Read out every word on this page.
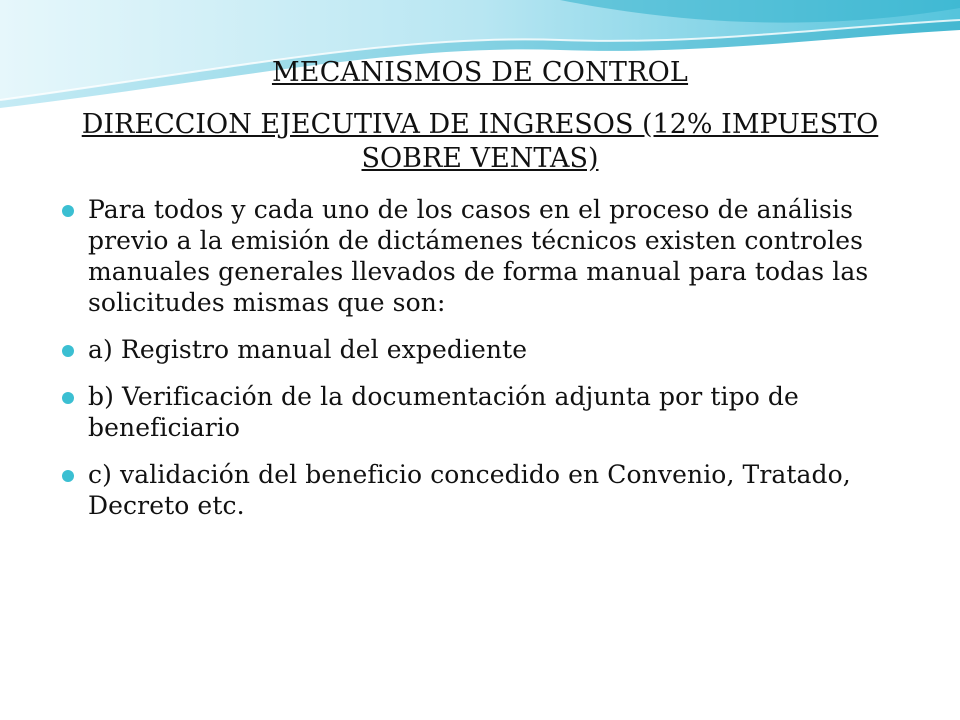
MECANISMOS DE CONTROL
DIRECCION EJECUTIVA DE INGRESOS (12% IMPUESTO SOBRE VENTAS)
Para todos y cada uno de los casos en el proceso de análisis previo a la emisión de dictámenes técnicos existen controles manuales generales llevados de forma manual para todas las solicitudes mismas que son:
a) Registro manual del expediente
b) Verificación de la documentación adjunta por tipo de beneficiario
c) validación del beneficio concedido en Convenio, Tratado, Decreto etc.
